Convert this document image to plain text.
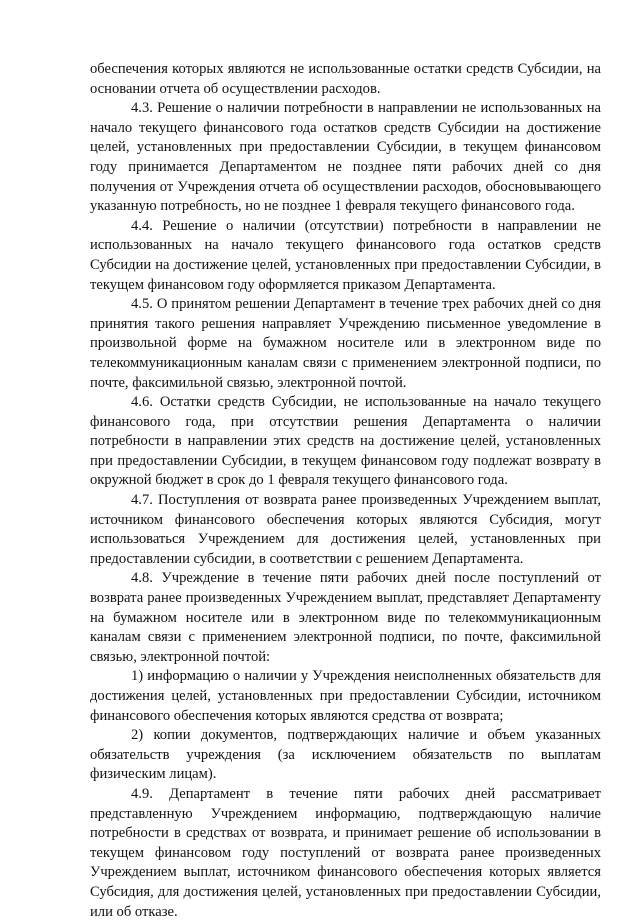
обеспечения которых являются не использованные остатки средств Субсидии, на основании отчета об осуществлении расходов.

4.3. Решение о наличии потребности в направлении не использованных на начало текущего финансового года остатков средств Субсидии на достижение целей, установленных при предоставлении Субсидии, в текущем финансовом году принимается Департаментом не позднее пяти рабочих дней со дня получения от Учреждения отчета об осуществлении расходов, обосновывающего указанную потребность, но не позднее 1 февраля текущего финансового года.

4.4. Решение о наличии (отсутствии) потребности в направлении не использованных на начало текущего финансового года остатков средств Субсидии на достижение целей, установленных при предоставлении Субсидии, в текущем финансовом году оформляется приказом Департамента.

4.5. О принятом решении Департамент в течение трех рабочих дней со дня принятия такого решения направляет Учреждению письменное уведомление в произвольной форме на бумажном носителе или в электронном виде по телекоммуникационным каналам связи с применением электронной подписи, по почте, факсимильной связью, электронной почтой.

4.6. Остатки средств Субсидии, не использованные на начало текущего финансового года, при отсутствии решения Департамента о наличии потребности в направлении этих средств на достижение целей, установленных при предоставлении Субсидии, в текущем финансовом году подлежат возврату в окружной бюджет в срок до 1 февраля текущего финансового года.

4.7. Поступления от возврата ранее произведенных Учреждением выплат, источником финансового обеспечения которых являются Субсидия, могут использоваться Учреждением для достижения целей, установленных при предоставлении субсидии, в соответствии с решением Департамента.

4.8. Учреждение в течение пяти рабочих дней после поступлений от возврата ранее произведенных Учреждением выплат, представляет Департаменту на бумажном носителе или в электронном виде по телекоммуникационным каналам связи с применением электронной подписи, по почте, факсимильной связью, электронной почтой:

1) информацию о наличии у Учреждения неисполненных обязательств для достижения целей, установленных при предоставлении Субсидии, источником финансового обеспечения которых являются средства от возврата;

2) копии документов, подтверждающих наличие и объем указанных обязательств учреждения (за исключением обязательств по выплатам физическим лицам).

4.9. Департамент в течение пяти рабочих дней рассматривает представленную Учреждением информацию, подтверждающую наличие потребности в средствах от возврата, и принимает решение об использовании в текущем финансовом году поступлений от возврата ранее произведенных Учреждением выплат, источником финансового обеспечения которых является Субсидия, для достижения целей, установленных при предоставлении Субсидии, или об отказе.
